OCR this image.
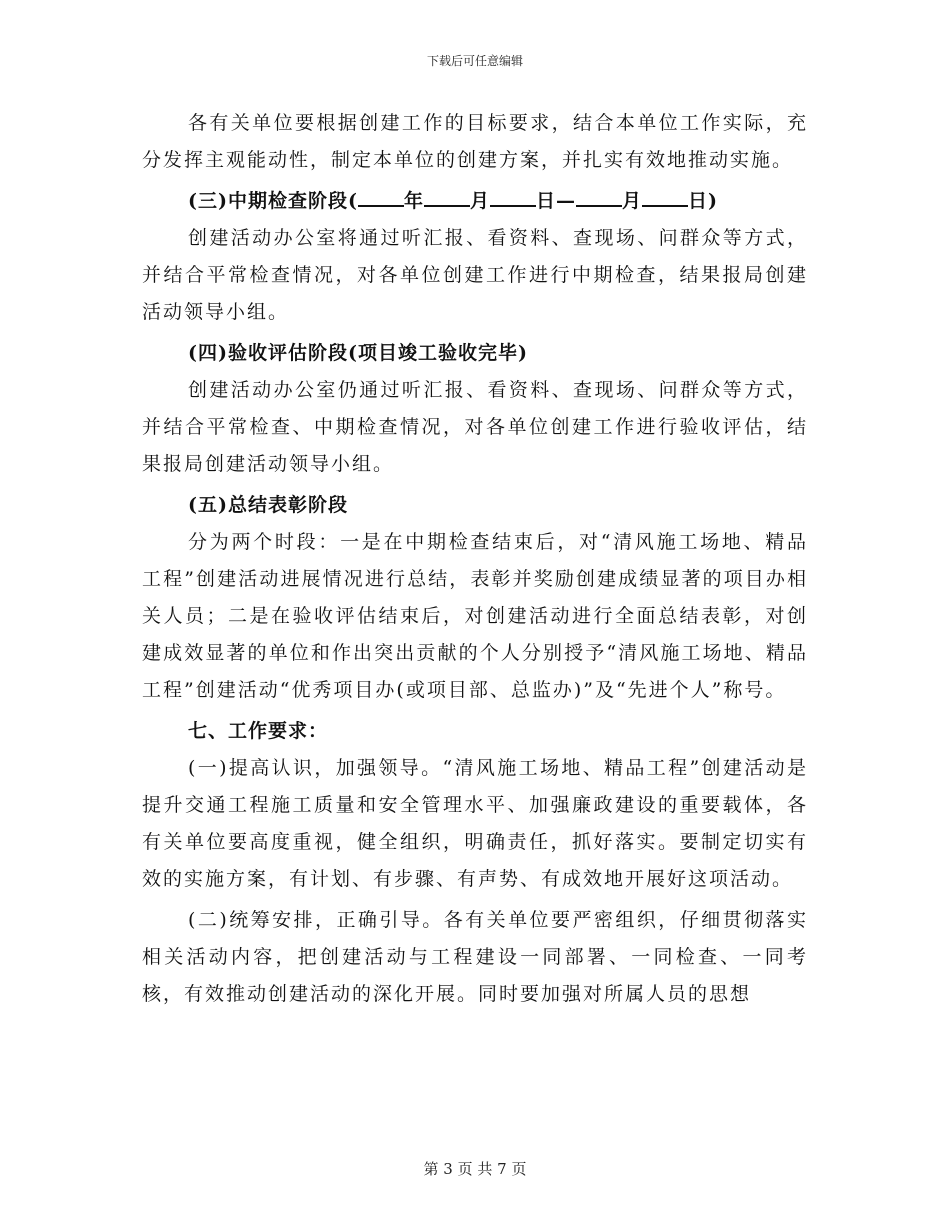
下载后可任意编辑

各有关单位要根据创建工作的目标要求，结合本单位工作实际，充分发挥主观能动性，制定本单位的创建方案，并扎实有效地推动实施。

(三)中期检查阶段( 年 月 日— 月 日)

创建活动办公室将通过听汇报、看资料、查现场、问群众等方式，并结合平常检查情况，对各单位创建工作进行中期检查，结果报局创建活动领导小组。

(四)验收评估阶段(项目竣工验收完毕)

创建活动办公室仍通过听汇报、看资料、查现场、问群众等方式，并结合平常检查、中期检查情况，对各单位创建工作进行验收评估，结果报局创建活动领导小组。

(五)总结表彰阶段

分为两个时段：一是在中期检查结束后，对“清风施工场地、精品工程”创建活动进展情况进行总结，表彰并奖励创建成绩显著的项目办相关人员；二是在验收评估结束后，对创建活动进行全面总结表彰，对创建成效显著的单位和作出突出贡献的个人分别授予“清风施工场地、精品工程”创建活动“优秀项目办(或项目部、总监办)”及“先进个人”称号。

七、工作要求：

(一)提高认识，加强领导。“清风施工场地、精品工程”创建活动是提升交通工程施工质量和安全管理水平、加强廉政建设的重要载体，各有关单位要高度重视，健全组织，明确责任，抓好落实。要制定切实有效的实施方案，有计划、有步骤、有声势、有成效地开展好这项活动。

(二)统筹安排，正确引导。各有关单位要严密组织，仔细贯彻落实相关活动内容，把创建活动与工程建设一同部署、一同检查、一同考核，有效推动创建活动的深化开展。同时要加强对所属人员的思想

第 3 页 共 7 页
